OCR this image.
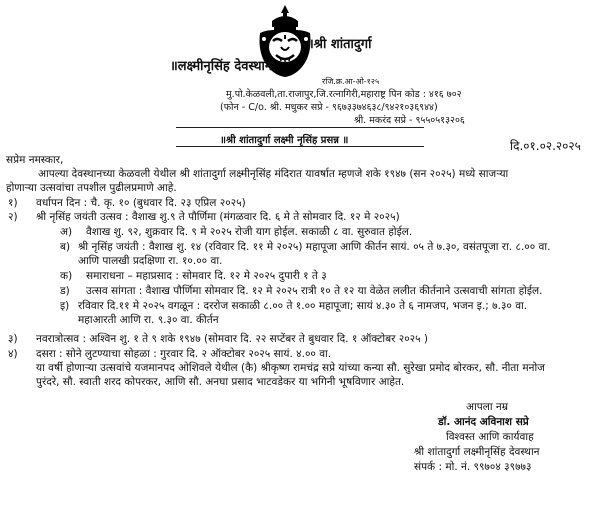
॥श्री शांतादुर्गा
॥लक्ष्मीनृसिंह देवस्थान
रजि.क्र.आ-ओ-१२५
मु.पो.केळवली,ता.राजापुर,जि.रत्नागिरी,महाराष्ट्र पिन कोड : ४१६ ७०२
(फोन - C/o. श्री. मधुकर सप्रे - ९६७३३७४६३८/९४२१०३६९४४)
श्री. मकरंद सप्रे - ९५५०५१३२०६
॥श्री शांतादुर्गा लक्ष्मी नृसिंह प्रसन्न ॥	दि.०१.०२.२०२५
सप्रेम नमस्कार,
आपल्या देवस्थानच्या केळवली येथील श्री शांतादुर्गा लक्ष्मीनृसिंह मंदिरात यावर्षात म्हणजे शके १९४७ (सन २०२५) मध्ये साजऱ्या
होणाऱ्या उत्सवांचा तपशील पुढीलप्रमाणे आहे.
१) वर्धापन दिन : चै. कृ. १० (बुधवार दि. २३ एप्रिल २०२५)
२) श्री नृसिंह जयंती उत्सव : वैशाख शु.९ ते पौर्णिमा (मंगळवार दि. ६ मे ते सोमवार दि. १२ मे २०२५)
अ) वैशाख शु. ९२, शुक्रवार दि. ९ मे २०२५ रोजी याग होईल. सकाळी ८ वा. सुरुवात होईल.
ब) श्री नृसिंह जयंती : वैशाख शु. १४ (रविवार दि. ११ मे २०२५) महापूजा आणि कीर्तन सायं. ०५ ते ७.३०, वसंतपूजा रा. ८.०० वा.
आणि पालखी प्रदक्षिणा रा. १०.०० वा.
क) समाराधना – महाप्रसाद : सोमवार दि. १२ मे २०२५ दुपारी १ ते ३
ड) उत्सव सांगता : वैशाख पौर्णिमा सोमवार दि. १२ मे २०२५ रात्री १० ते १२ या वेळेत ललीत कीर्तनाने उत्सवाची सांगता होईल.
इ) रविवार दि.११ मे २०२५ वगळून : दररोज सकाळी ८.०० ते १.०० महापूजा; सायं ४.३० ते ६ नामजप, भजन इ.; ७.३० वा.
महाआरती आणि रा. ९.३० वा. कीर्तन
३) नवरात्रोत्सव : अश्विन शु. १ ते ९ शके १९४७ (सोमवार दि. २२ सप्टेंबर ते बुधवार दि. १ ऑक्टोबर २०२५ )
४) दसरा : सोने लुटण्याचा सोहळा : गुरवार दि. २ ऑक्टोबर २०२५ सायं. ४.०० वा.
या वर्षी होणाऱ्या उत्सवांचे यजमानपद ओशिवले येथील (कै) श्रीकृष्ण रामचंद्र सप्रे यांच्या कन्या सौ. सुरेखा प्रमोद बोरकर, सौ. नीता मनोज
पुरंदरे, सौ. स्वाती शरद कोपरकर, आणि सौ. अनघा प्रसाद भाटवडेकर या भगिनी भूषविणार आहेत.
आपला नम्र
डॉ. आनंद अविनाश सप्रे
विश्वस्त आणि कार्यवाह
श्री शांतादुर्गा लक्ष्मीनृसिंह देवस्थान
संपर्क : मो. नं. ९९७०४ ३९७७३
